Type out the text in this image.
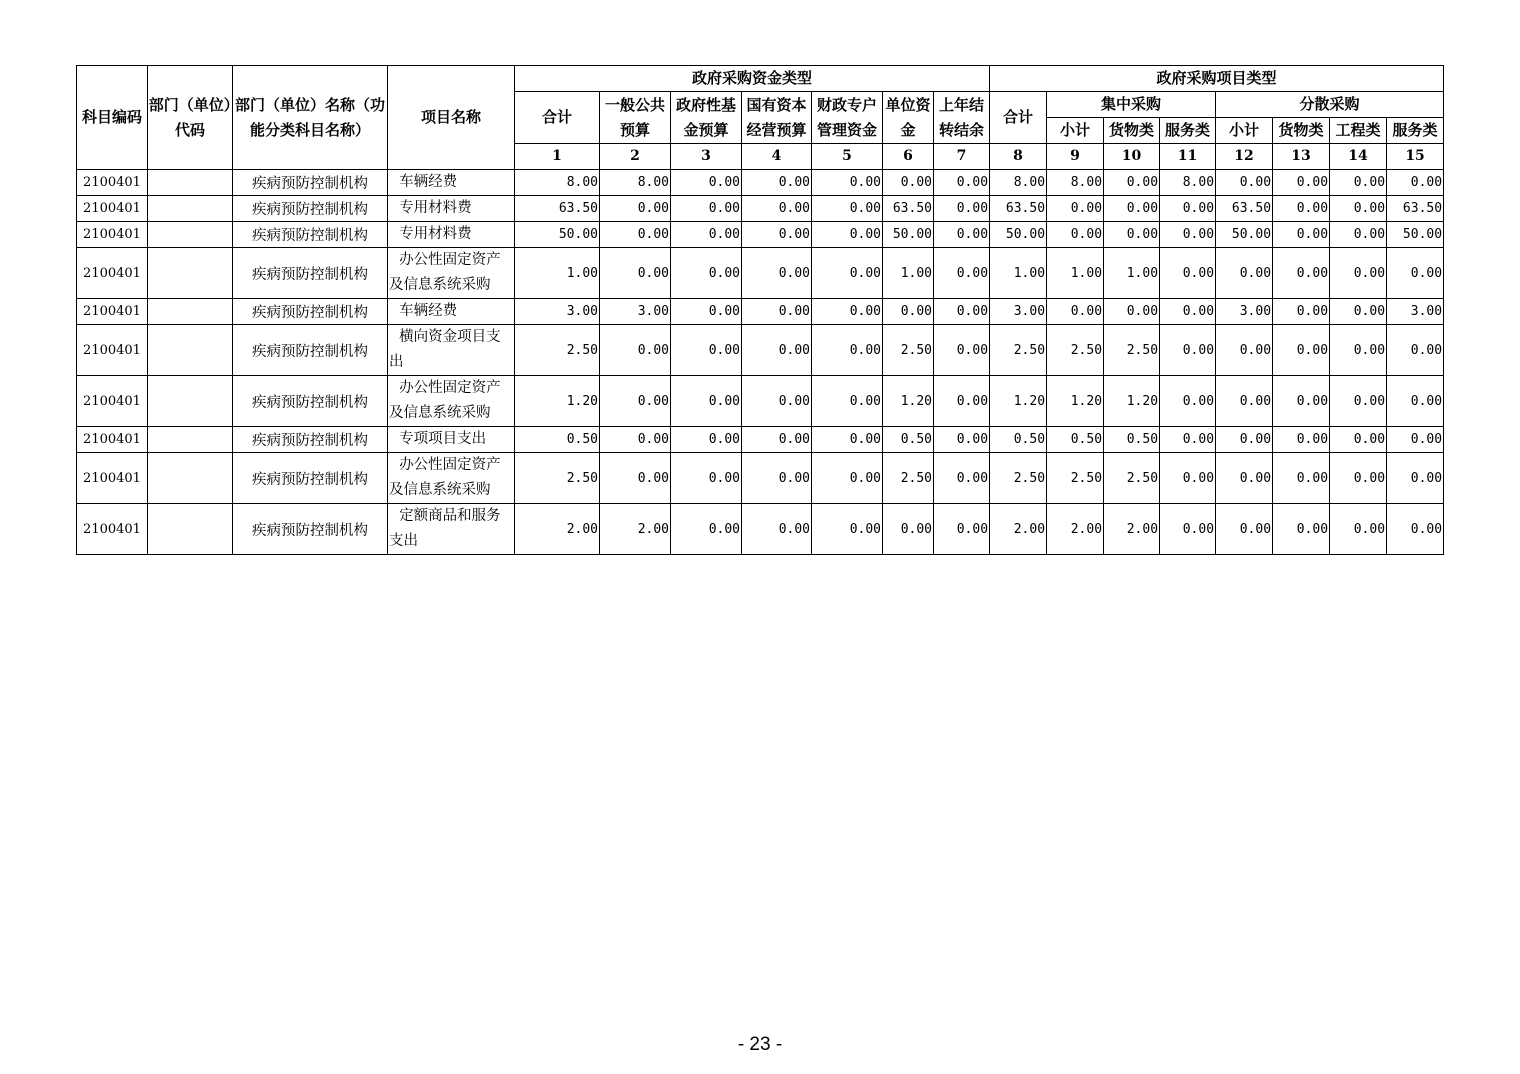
科目编码	部门（单位）代码	部门（单位）名称（功能分类科目名称）	项目名称	政府采购资金类型							政府采购项目类型							
				合计	一般公共预算	政府性基金预算	国有资本经营预算	财政专户管理资金	单位资金	上年结转结余	合计	集中采购			分散采购			
												小计	货物类	服务类	小计	货物类	工程类	服务类
				1	2	3	4	5	6	7	8	9	10	11	12	13	14	15
2100401		疾病预防控制机构	车辆经费	8.00	8.00	0.00	0.00	0.00	0.00	0.00	8.00	8.00	0.00	8.00	0.00	0.00	0.00	0.00
2100401		疾病预防控制机构	专用材料费	63.50	0.00	0.00	0.00	0.00	63.50	0.00	63.50	0.00	0.00	0.00	63.50	0.00	0.00	63.50
2100401		疾病预防控制机构	专用材料费	50.00	0.00	0.00	0.00	0.00	50.00	0.00	50.00	0.00	0.00	0.00	50.00	0.00	0.00	50.00
2100401		疾病预防控制机构	办公性固定资产及信息系统采购	1.00	0.00	0.00	0.00	0.00	1.00	0.00	1.00	1.00	1.00	0.00	0.00	0.00	0.00	0.00
2100401		疾病预防控制机构	车辆经费	3.00	3.00	0.00	0.00	0.00	0.00	0.00	3.00	0.00	0.00	0.00	3.00	0.00	0.00	3.00
2100401		疾病预防控制机构	横向资金项目支出	2.50	0.00	0.00	0.00	0.00	2.50	0.00	2.50	2.50	2.50	0.00	0.00	0.00	0.00	0.00
2100401		疾病预防控制机构	办公性固定资产及信息系统采购	1.20	0.00	0.00	0.00	0.00	1.20	0.00	1.20	1.20	1.20	0.00	0.00	0.00	0.00	0.00
2100401		疾病预防控制机构	专项项目支出	0.50	0.00	0.00	0.00	0.00	0.50	0.00	0.50	0.50	0.50	0.00	0.00	0.00	0.00	0.00
2100401		疾病预防控制机构	办公性固定资产及信息系统采购	2.50	0.00	0.00	0.00	0.00	2.50	0.00	2.50	2.50	2.50	0.00	0.00	0.00	0.00	0.00
2100401		疾病预防控制机构	定额商品和服务支出	2.00	2.00	0.00	0.00	0.00	0.00	0.00	2.00	2.00	2.00	0.00	0.00	0.00	0.00	0.00
- 23 -
